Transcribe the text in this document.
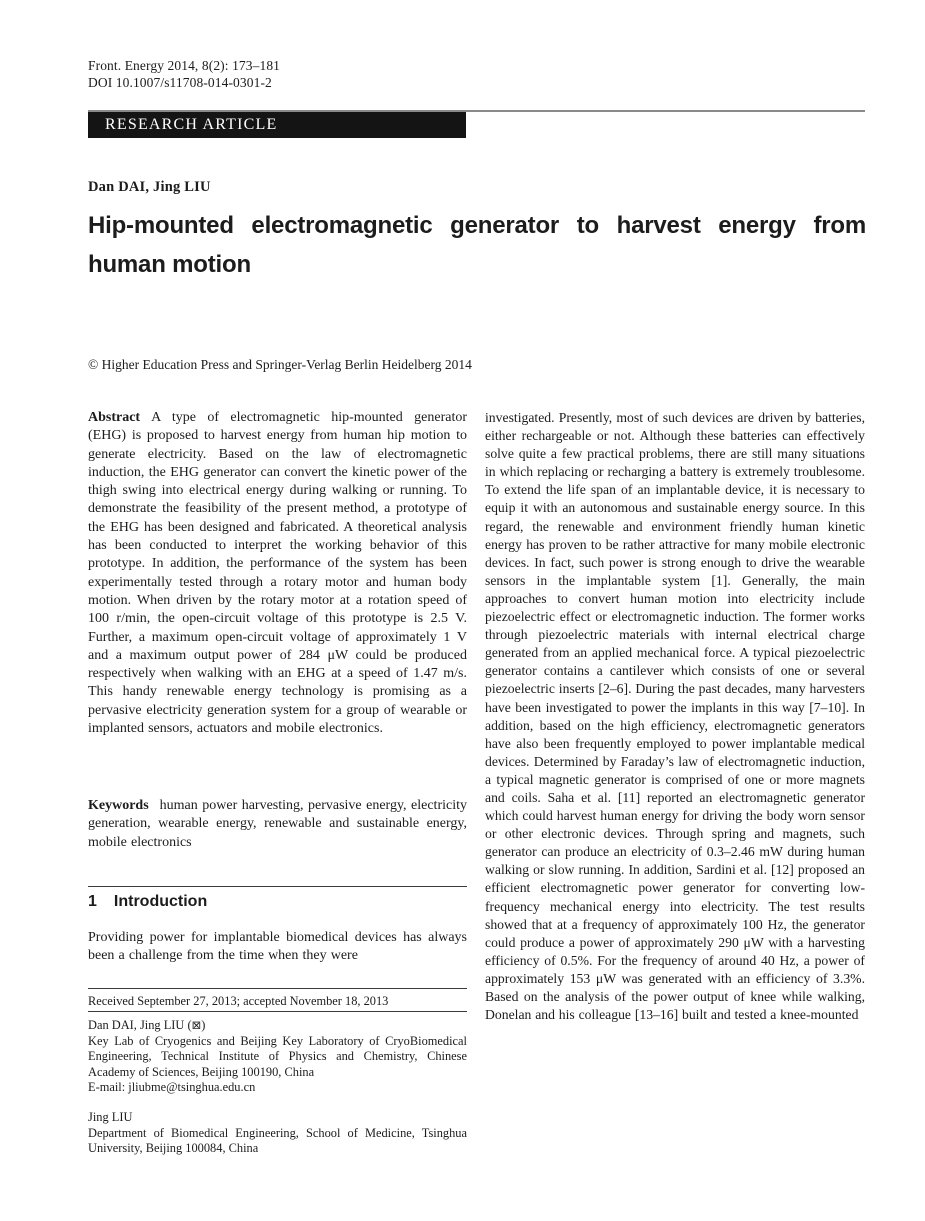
Front. Energy 2014, 8(2): 173–181
DOI 10.1007/s11708-014-0301-2
RESEARCH ARTICLE
Dan DAI, Jing LIU
Hip-mounted electromagnetic generator to harvest energy from human motion
© Higher Education Press and Springer-Verlag Berlin Heidelberg 2014
Abstract A type of electromagnetic hip-mounted generator (EHG) is proposed to harvest energy from human hip motion to generate electricity. Based on the law of electromagnetic induction, the EHG generator can convert the kinetic power of the thigh swing into electrical energy during walking or running. To demonstrate the feasibility of the present method, a prototype of the EHG has been designed and fabricated. A theoretical analysis has been conducted to interpret the working behavior of this prototype. In addition, the performance of the system has been experimentally tested through a rotary motor and human body motion. When driven by the rotary motor at a rotation speed of 100 r/min, the open-circuit voltage of this prototype is 2.5 V. Further, a maximum open-circuit voltage of approximately 1 V and a maximum output power of 284 μW could be produced respectively when walking with an EHG at a speed of 1.47 m/s. This handy renewable energy technology is promising as a pervasive electricity generation system for a group of wearable or implanted sensors, actuators and mobile electronics.
Keywords human power harvesting, pervasive energy, electricity generation, wearable energy, renewable and sustainable energy, mobile electronics
1 Introduction
Providing power for implantable biomedical devices has always been a challenge from the time when they were
Received September 27, 2013; accepted November 18, 2013
Dan DAI, Jing LIU (⊠)
Key Lab of Cryogenics and Beijing Key Laboratory of CryoBiomedical Engineering, Technical Institute of Physics and Chemistry, Chinese Academy of Sciences, Beijing 100190, China
E-mail: jliubme@tsinghua.edu.cn
Jing LIU
Department of Biomedical Engineering, School of Medicine, Tsinghua University, Beijing 100084, China
investigated. Presently, most of such devices are driven by batteries, either rechargeable or not. Although these batteries can effectively solve quite a few practical problems, there are still many situations in which replacing or recharging a battery is extremely troublesome. To extend the life span of an implantable device, it is necessary to equip it with an autonomous and sustainable energy source. In this regard, the renewable and environment friendly human kinetic energy has proven to be rather attractive for many mobile electronic devices. In fact, such power is strong enough to drive the wearable sensors in the implantable system [1]. Generally, the main approaches to convert human motion into electricity include piezoelectric effect or electromagnetic induction. The former works through piezoelectric materials with internal electrical charge generated from an applied mechanical force. A typical piezoelectric generator contains a cantilever which consists of one or several piezoelectric inserts [2–6]. During the past decades, many harvesters have been investigated to power the implants in this way [7–10]. In addition, based on the high efficiency, electromagnetic generators have also been frequently employed to power implantable medical devices. Determined by Faraday’s law of electromagnetic induction, a typical magnetic generator is comprised of one or more magnets and coils. Saha et al. [11] reported an electromagnetic generator which could harvest human energy for driving the body worn sensor or other electronic devices. Through spring and magnets, such generator can produce an electricity of 0.3–2.46 mW during human walking or slow running. In addition, Sardini et al. [12] proposed an efficient electromagnetic power generator for converting low-frequency mechanical energy into electricity. The test results showed that at a frequency of approximately 100 Hz, the generator could produce a power of approximately 290 μW with a harvesting efficiency of 0.5%. For the frequency of around 40 Hz, a power of approximately 153 μW was generated with an efficiency of 3.3%. Based on the analysis of the power output of knee while walking, Donelan and his colleague [13–16] built and tested a knee-mounted
